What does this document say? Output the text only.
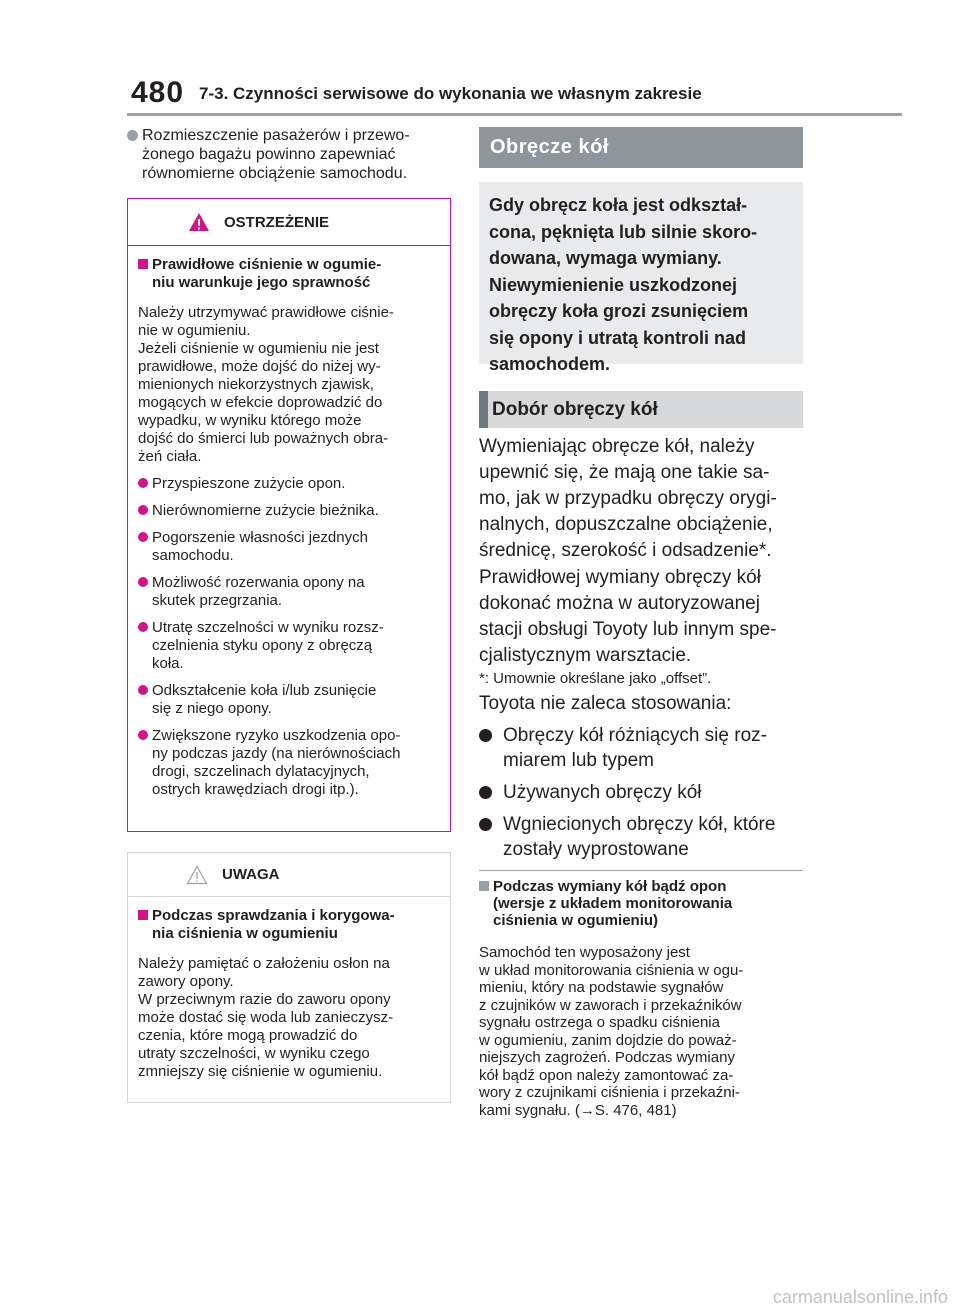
480 7-3. Czynności serwisowe do wykonania we własnym zakresie
Rozmieszczenie pasażerów i przewo-
żonego bagażu powinno zapewniać
równomierne obciążenie samochodu.
OSTRZEŻENIE
Prawidłowe ciśnienie w ogumie-
niu warunkuje jego sprawność
Należy utrzymywać prawidłowe ciśnie-
nie w ogumieniu.
Jeżeli ciśnienie w ogumieniu nie jest
prawidłowe, może dojść do niżej wy-
mienionych niekorzystnych zjawisk,
mogących w efekcie doprowadzić do
wypadku, w wyniku którego może
dojść do śmierci lub poważnych obra-
żeń ciała.
Przyspieszone zużycie opon.
Nierównomierne zużycie bieżnika.
Pogorszenie własności jezdnych
samochodu.
Możliwość rozerwania opony na
skutek przegrzania.
Utratę szczelności w wyniku rozsz-
czelnienia styku opony z obręczą
koła.
Odkształcenie koła i/lub zsunięcie
się z niego opony.
Zwiększone ryzyko uszkodzenia opo-
ny podczas jazdy (na nierównościach
drogi, szczelinach dylatacyjnych,
ostrych krawędziach drogi itp.).
UWAGA
Podczas sprawdzania i korygowa-
nia ciśnienia w ogumieniu
Należy pamiętać o założeniu osłon na
zawory opony.
W przeciwnym razie do zaworu opony
może dostać się woda lub zanieczysz-
czenia, które mogą prowadzić do
utraty szczelności, w wyniku czego
zmniejszy się ciśnienie w ogumieniu.
Obręcze kół
Gdy obręcz koła jest odkształ-
cona, pęknięta lub silnie skoro-
dowana, wymaga wymiany.
Niewymienienie uszkodzonej
obręczy koła grozi zsunięciem
się opony i utratą kontroli nad
samochodem.
Dobór obręczy kół
Wymieniając obręcze kół, należy
upewnić się, że mają one takie sa-
mo, jak w przypadku obręczy orygi-
nalnych, dopuszczalne obciążenie,
średnicę, szerokość i odsadzenie*.
Prawidłowej wymiany obręczy kół
dokonać można w autoryzowanej
stacji obsługi Toyoty lub innym spe-
cjalistycznym warsztacie.
*: Umownie określane jako „offset”.
Toyota nie zaleca stosowania:
Obręczy kół różniących się roz-
miarem lub typem
Używanych obręczy kół
Wgniecionych obręczy kół, które
zostały wyprostowane
Podczas wymiany kół bądź opon
(wersje z układem monitorowania
ciśnienia w ogumieniu)
Samochód ten wyposażony jest
w układ monitorowania ciśnienia w ogu-
mieniu, który na podstawie sygnałów
z czujników w zaworach i przekaźników
sygnału ostrzega o spadku ciśnienia
w ogumieniu, zanim dojdzie do poważ-
niejszych zagrożeń. Podczas wymiany
kół bądź opon należy zamontować za-
wory z czujnikami ciśnienia i przekaźni-
kami sygnału. (→S. 476, 481)
carmanualsonline.info
